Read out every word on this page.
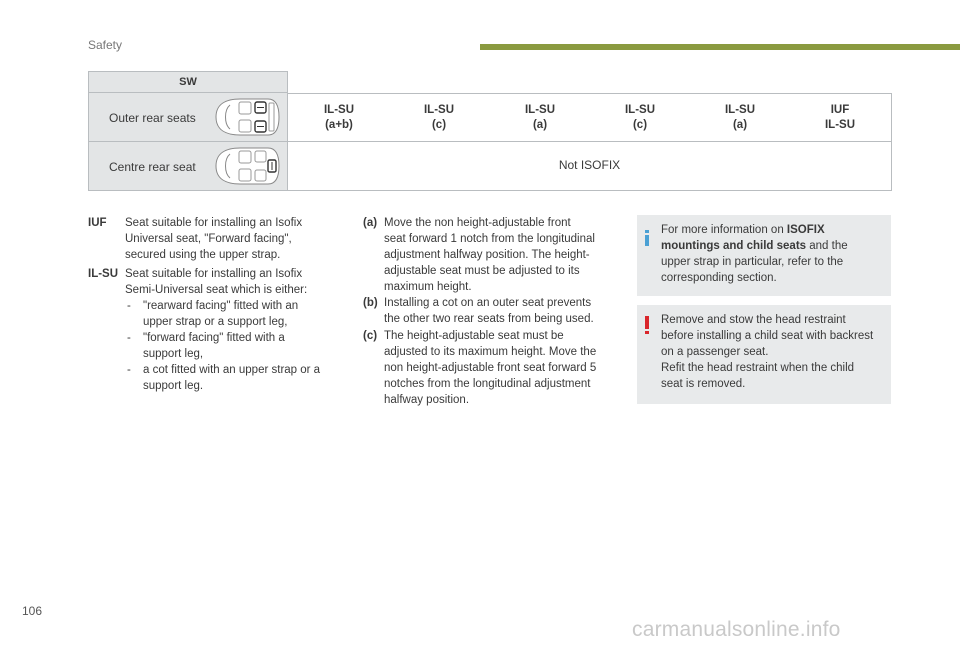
Safety
SW
Outer rear seats
IL-SU
(a+b)
IL-SU
(c)
IL-SU
(a)
IL-SU
(c)
IL-SU
(a)
IUF
IL-SU
Centre rear seat	Not ISOFIX
IUF Seat suitable for installing an Isofix
Universal seat, "Forward facing",
secured using the upper strap.
IL-SU Seat suitable for installing an Isofix
Semi-Universal seat which is either:
- "rearward facing" fitted with an
upper strap or a support leg,
- "forward facing" fitted with a
support leg,
- a cot fitted with an upper strap or a
support leg.
(a) Move the non height-adjustable front
seat forward 1 notch from the longitudinal
adjustment halfway position. The height-
adjustable seat must be adjusted to its
maximum height.
(b) Installing a cot on an outer seat prevents
the other two rear seats from being used.
(c) The height-adjustable seat must be
adjusted to its maximum height. Move the
non height-adjustable front seat forward 5
notches from the longitudinal adjustment
halfway position.
For more information on ISOFIX
mountings and child seats and the
upper strap in particular, refer to the
corresponding section.
Remove and stow the head restraint
before installing a child seat with backrest
on a passenger seat.
Refit the head restraint when the child
seat is removed.
106
carmanualsonline.info
